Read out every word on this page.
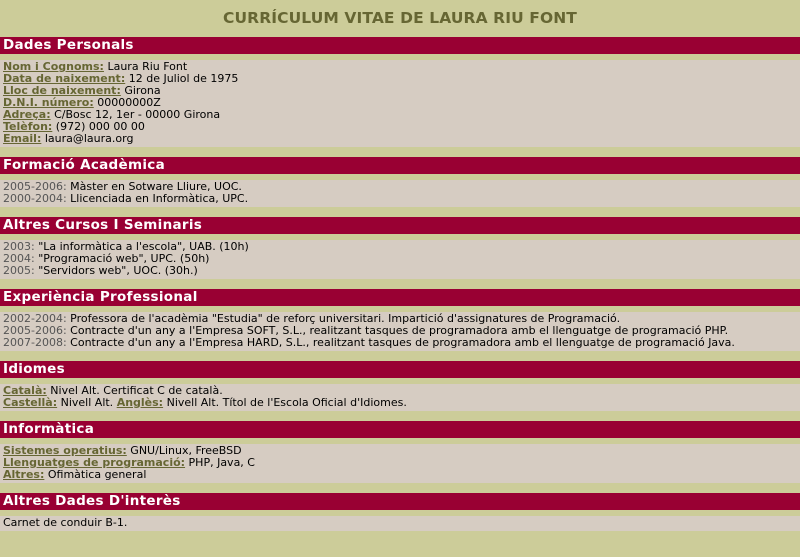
CURRÍCULUM VITAE DE LAURA RIU FONT
Dades Personals
Nom i Cognoms: Laura Riu Font
Data de naixement: 12 de Juliol de 1975
Lloc de naixement: Girona
D.N.I. número: 00000000Z
Adreça: C/Bosc 12, 1er - 00000 Girona
Telèfon: (972) 000 00 00
Email: laura@laura.org
Formació Acadèmica
2005-2006: Màster en Sotware Lliure, UOC.
2000-2004: Llicenciada en Informàtica, UPC.
Altres Cursos I Seminaris
2003: "La informàtica a l'escola", UAB. (10h)
2004: "Programació web", UPC. (50h)
2005: "Servidors web", UOC. (30h.)
Experiència Professional
2002-2004: Professora de l'acadèmia "Estudia" de reforç universitari. Impartició d'assignatures de Programació.
2005-2006: Contracte d'un any a l'Empresa SOFT, S.L., realitzant tasques de programadora amb el llenguatge de programació PHP.
2007-2008: Contracte d'un any a l'Empresa HARD, S.L., realitzant tasques de programadora amb el llenguatge de programació Java.
Idiomes
Català: Nivel Alt. Certificat C de català.
Castellà: Nivell Alt. Anglès: Nivell Alt. Títol de l'Escola Oficial d'Idiomes.
Informàtica
Sistemes operatius: GNU/Linux, FreeBSD
Llenguatges de programació: PHP, Java, C
Altres: Ofimàtica general
Altres Dades D'interès
Carnet de conduir B-1.
